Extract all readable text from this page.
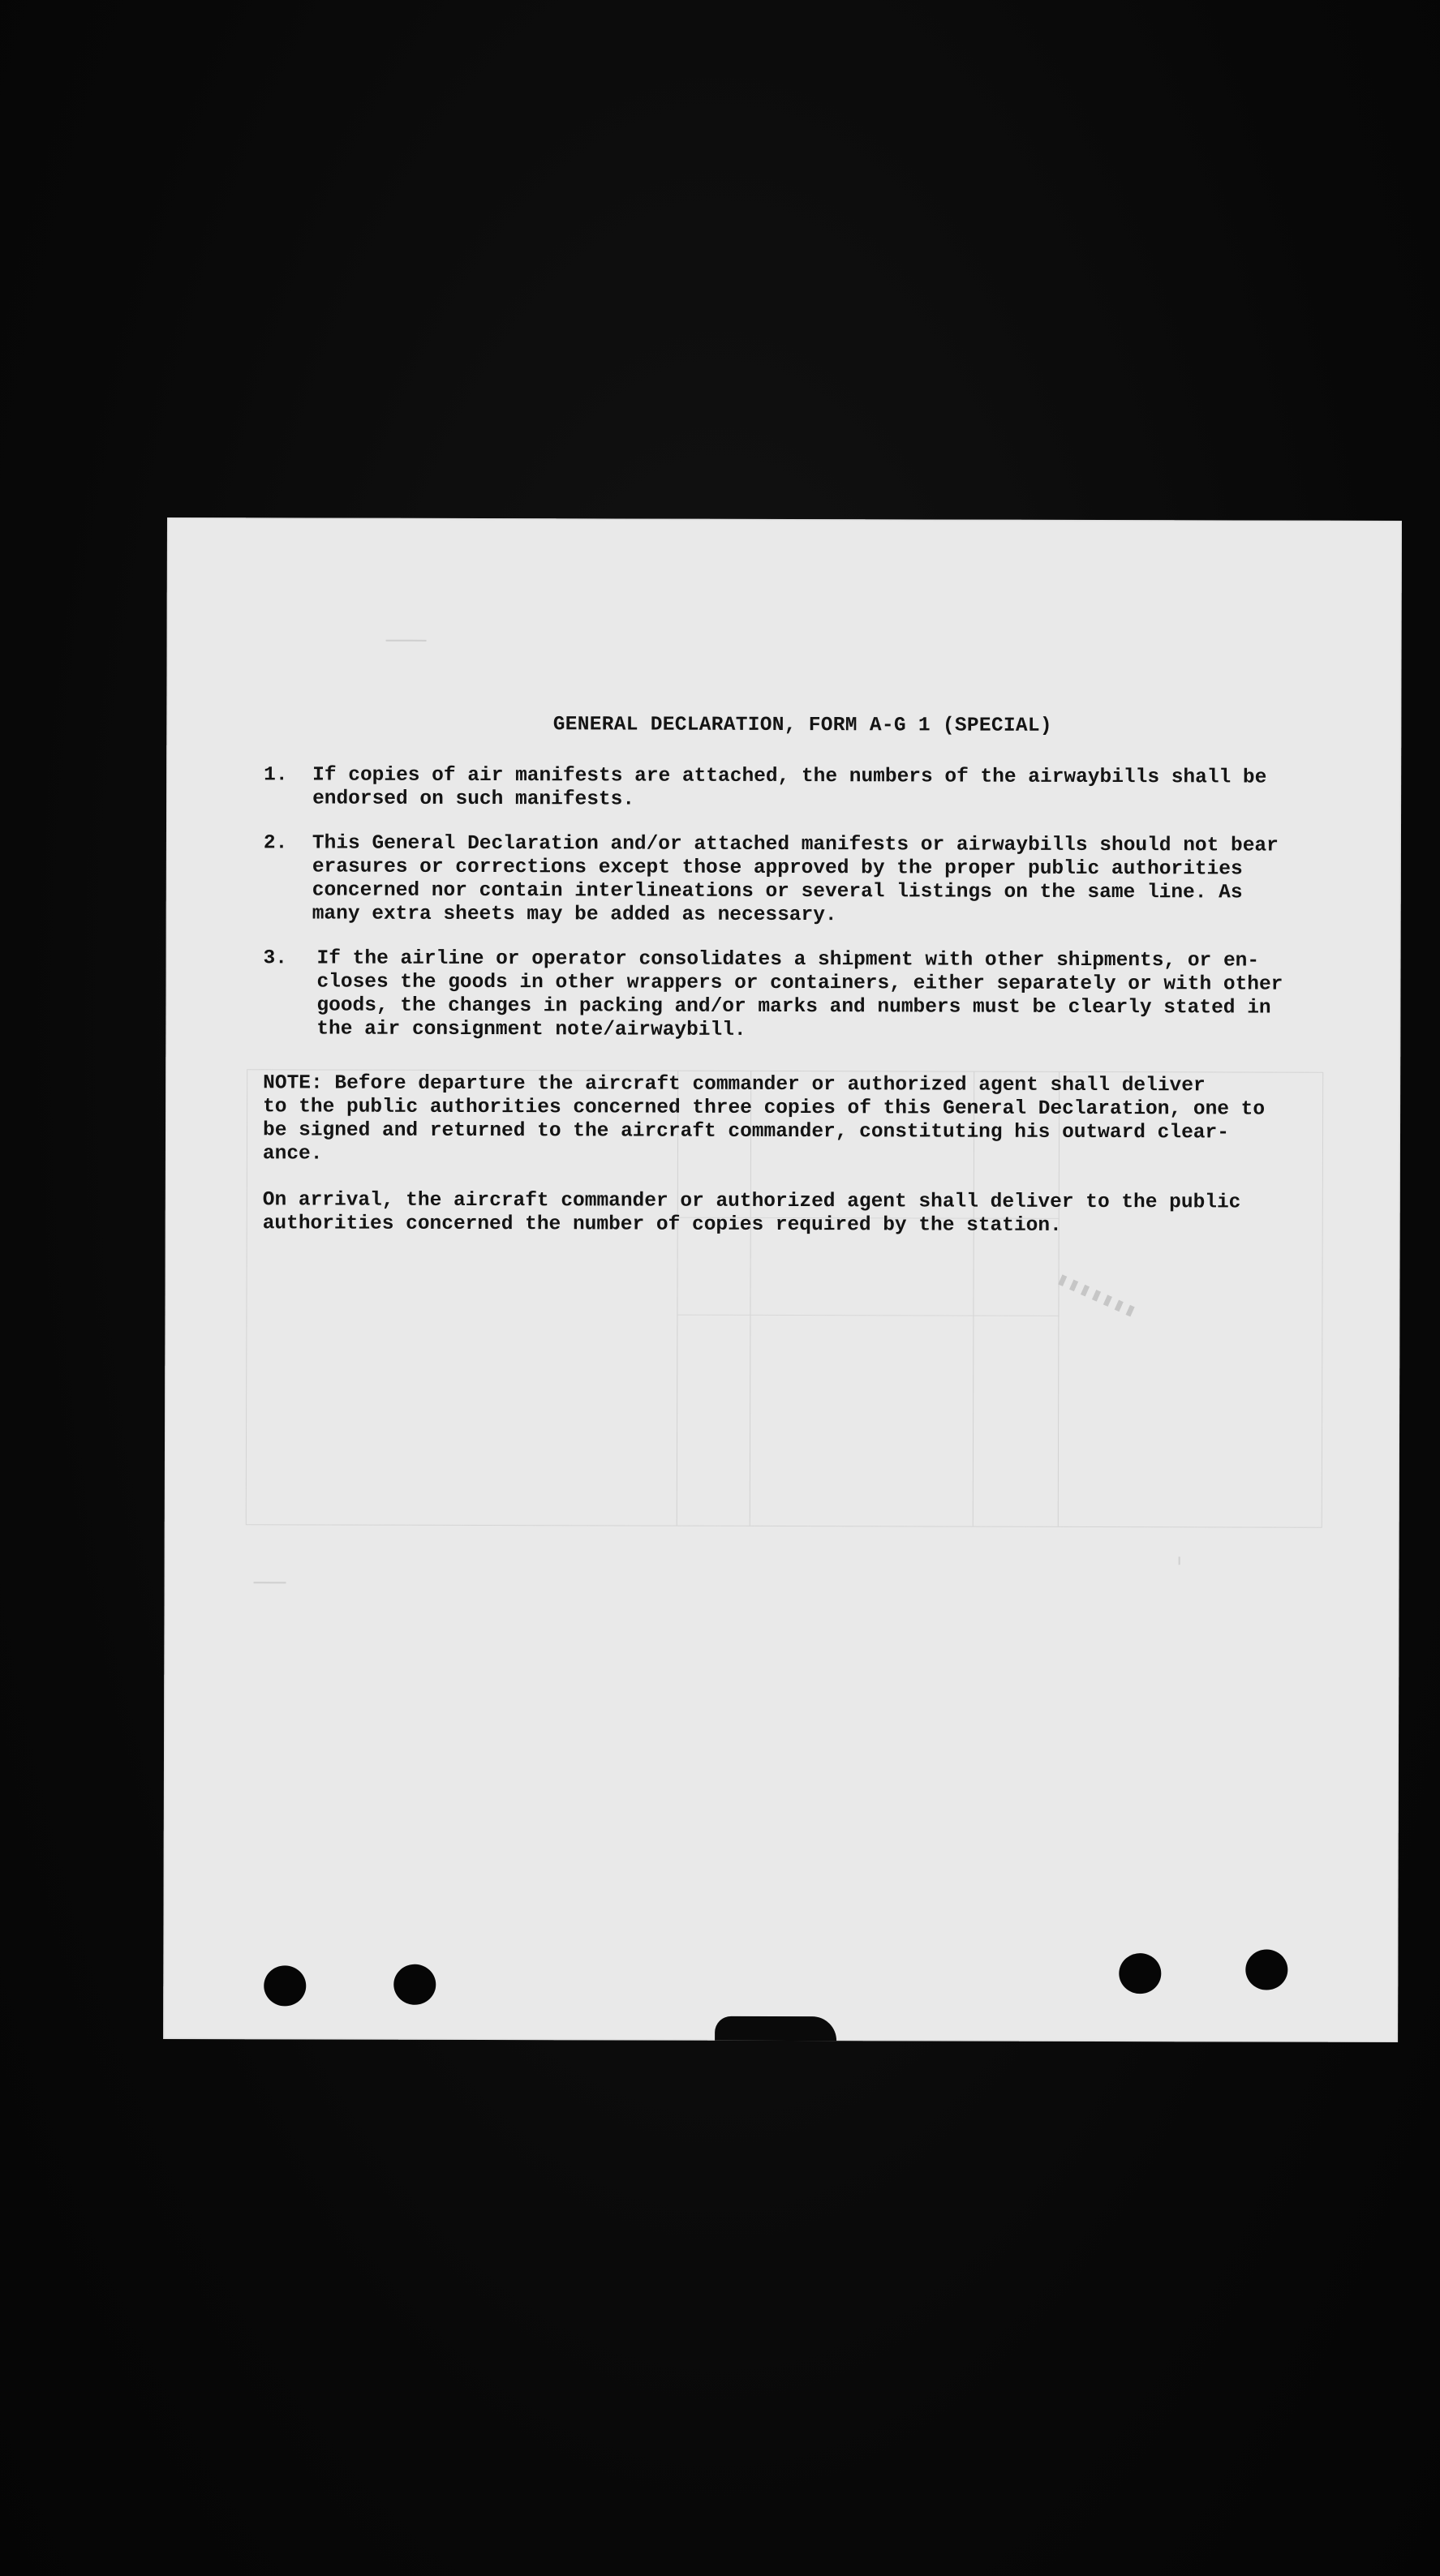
▮▮▮▮▮▮▮
GENERAL DECLARATION, FORM A-G 1 (SPECIAL)
1.	If copies of air manifests are attached, the numbers of the airwaybills shall be
endorsed on such manifests.
2.	This General Declaration and/or attached manifests or airwaybills should not bear
erasures or corrections except those approved by the proper public authorities
concerned nor contain interlineations or several listings on the same line. As
many extra sheets may be added as necessary.
3.	If the airline or operator consolidates a shipment with other shipments, or en-
closes the goods in other wrappers or containers, either separately or with other
goods, the changes in packing and/or marks and numbers must be clearly stated in
the air consignment note/airwaybill.
NOTE: Before departure the aircraft commander or authorized agent shall deliver
to the public authorities concerned three copies of this General Declaration, one to
be signed and returned to the aircraft commander, constituting his outward clear-
ance.
On arrival, the aircraft commander or authorized agent shall deliver to the public
authorities concerned the number of copies required by the station.
